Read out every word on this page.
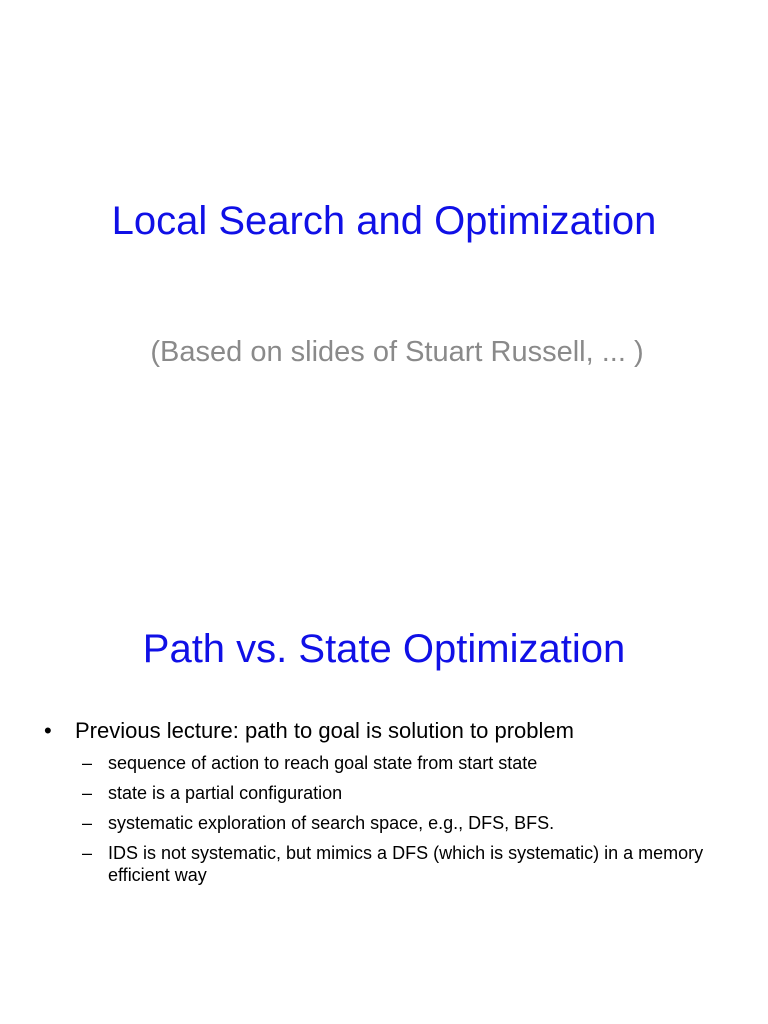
Local Search and Optimization
(Based on slides of Stuart Russell, ... )
Path vs. State Optimization
• Previous lecture: path to goal is solution to problem
– sequence of action to reach goal state from start state
– state is a partial configuration
– systematic exploration of search space, e.g., DFS, BFS.
– IDS is not systematic, but mimics a DFS (which is systematic) in a memory efficient way
